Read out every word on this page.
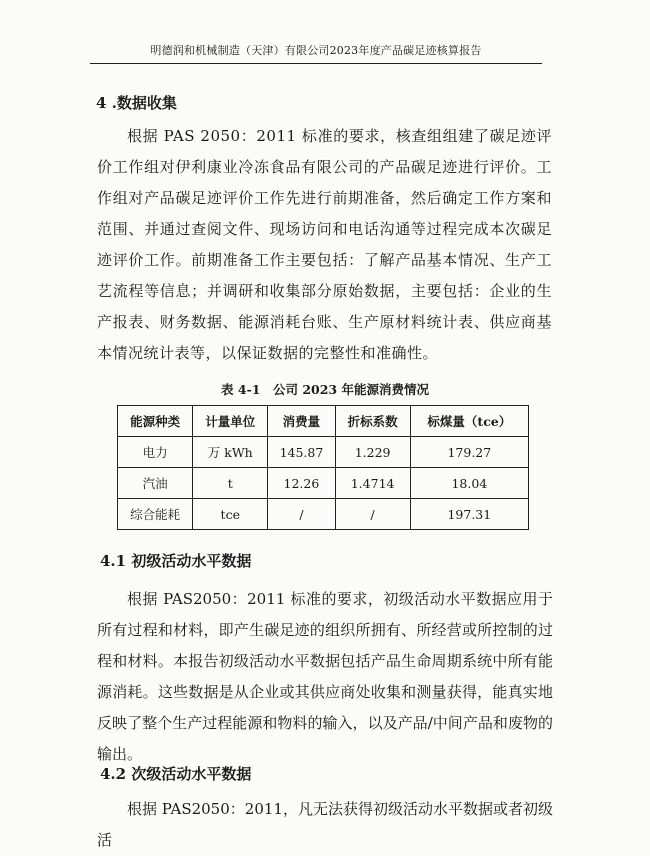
明德润和机械制造（天津）有限公司2023年度产品碳足迹核算报告
4 .数据收集

根据 PAS 2050：2011 标准的要求，核查组组建了碳足迹评价工作组对伊利康业冷冻食品有限公司的产品碳足迹进行评价。工作组对产品碳足迹评价工作先进行前期准备，然后确定工作方案和范围、并通过查阅文件、现场访问和电话沟通等过程完成本次碳足迹评价工作。前期准备工作主要包括：了解产品基本情况、生产工艺流程等信息；并调研和收集部分原始数据，主要包括：企业的生产报表、财务数据、能源消耗台账、生产原材料统计表、供应商基本情况统计表等，以保证数据的完整性和准确性。

表 4-1　公司 2023 年能源消费情况
能源种类	计量单位	消费量	折标系数	标煤量（tce）
电力	万 kWh	145.87	1.229	179.27
汽油	t	12.26	1.4714	18.04
综合能耗	tce	/	/	197.31
4.1 初级活动水平数据

根据 PAS2050：2011 标准的要求，初级活动水平数据应用于所有过程和材料，即产生碳足迹的组织所拥有、所经营或所控制的过程和材料。本报告初级活动水平数据包括产品生命周期系统中所有能源消耗。这些数据是从企业或其供应商处收集和测量获得，能真实地反映了整个生产过程能源和物料的输入，以及产品/中间产品和废物的输出。

4.2 次级活动水平数据

根据 PAS2050：2011，凡无法获得初级活动水平数据或者初级活
